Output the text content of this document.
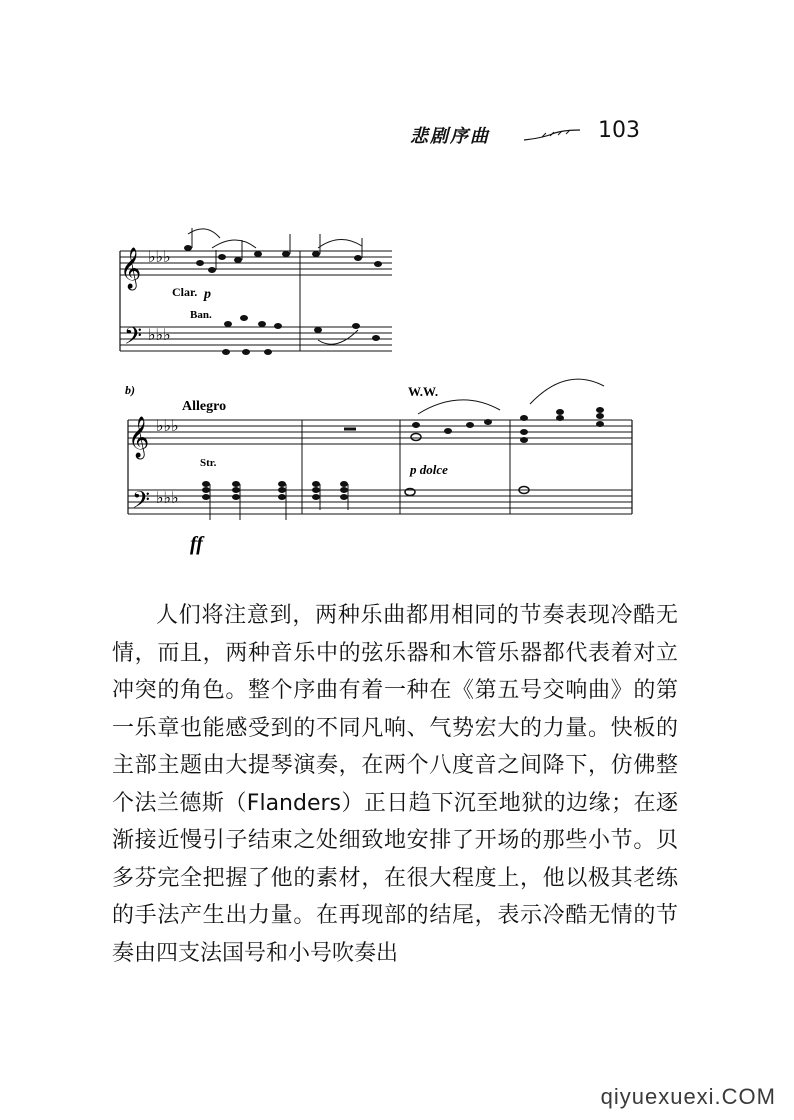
悲剧序曲	103
𝄞
𝄢
♭♭♭
♭♭♭
Clar. p
Ban.
b)
Allegro
W.W.
𝄞
𝄢
♭♭♭
♭♭♭
Str.	p dolce
ff

人们将注意到，两种乐曲都用相同的节奏表现冷酷无情，而且，两种音乐中的弦乐器和木管乐器都代表着对立冲突的角色。整个序曲有着一种在《第五号交响曲》的第一乐章也能感受到的不同凡响、气势宏大的力量。快板的主部主题由大提琴演奏，在两个八度音之间降下，仿佛整个法兰德斯（Flanders）正日趋下沉至地狱的边缘；在逐渐接近慢引子结束之处细致地安排了开场的那些小节。贝多芬完全把握了他的素材，在很大程度上，他以极其老练的手法产生出力量。在再现部的结尾，表示冷酷无情的节奏由四支法国号和小号吹奏出

qiyuexuexi.COM
